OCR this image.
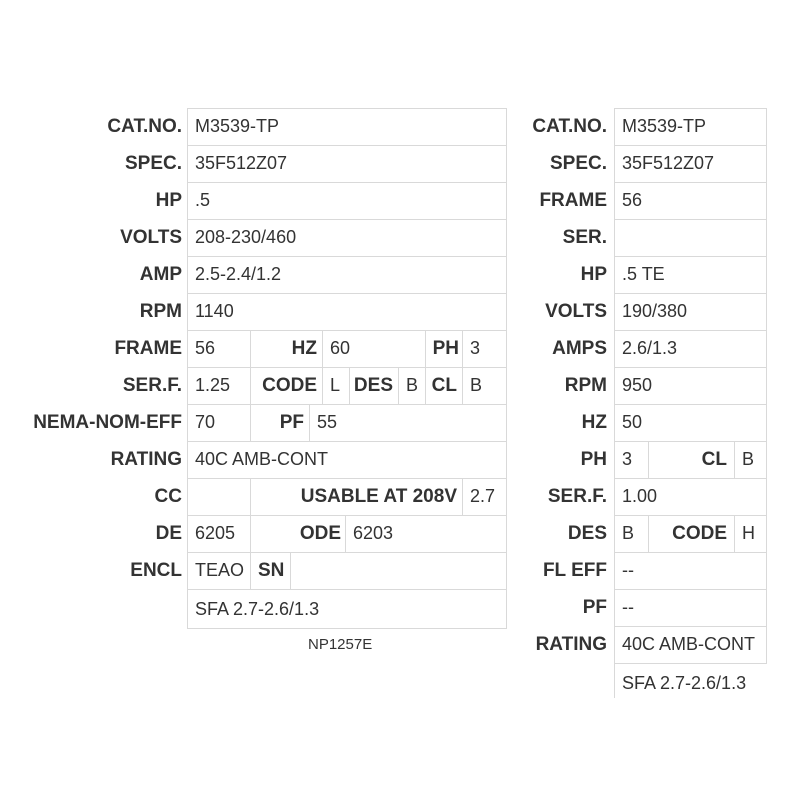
CAT.NO. M3539-TP
SPEC. 35F512Z07
HP .5
VOLTS 208-230/460
AMP 2.5-2.4/1.2
RPM 1140
FRAME 56	HZ 60	PH 3
SER.F. 1.25 CODE L DES B CL B
NEMA-NOM-EFF 70	PF 55
RATING 40C AMB-CONT
CC	USABLE AT 208V 2.7
DE 6205	ODE 6203
ENCL TEAO SN
SFA 2.7-2.6/1.3
NP1257E
CAT.NO. M3539-TP
SPEC. 35F512Z07
FRAME 56
SER.
HP .5 TE
VOLTS 190/380
AMPS 2.6/1.3
RPM 950
HZ 50
PH 3	CL B
SER.F. 1.00
DES B CODE H
FL EFF --
PF --
RATING 40C AMB-CONT
SFA 2.7-2.6/1.3
